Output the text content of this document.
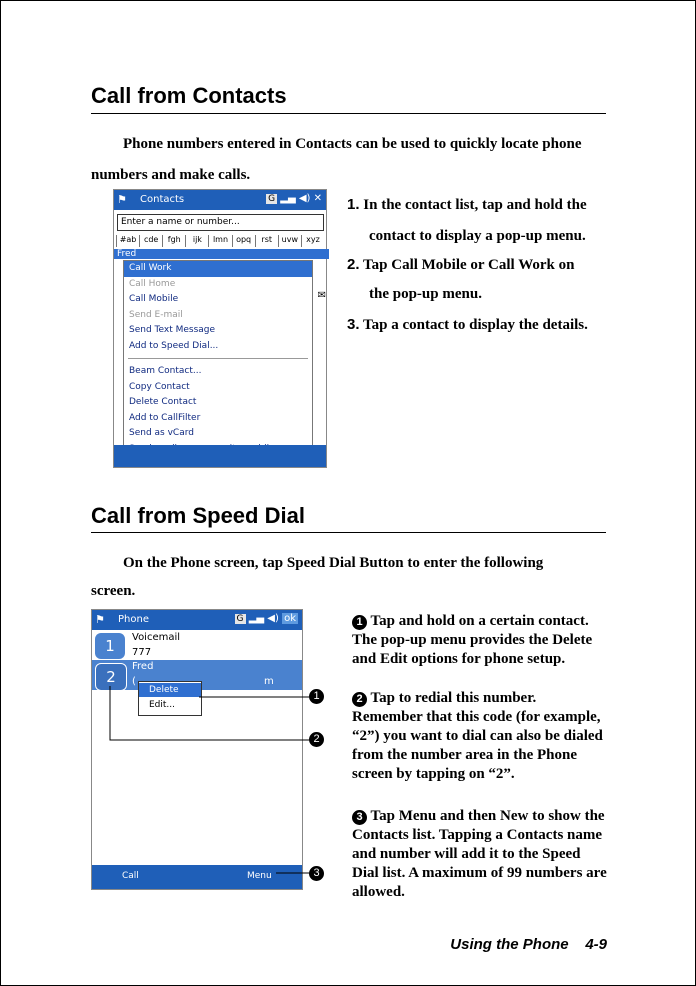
Call from Contacts
Phone numbers entered in Contacts can be used to quickly locate phone
numbers and make calls.
⚑ Contacts	G ▂▄ ◀) ✕
Enter a name or number...
#ab cde	fgh	ijk	lmn	opq	rst	uvw	xyz
Fred
✉
Call Work
Call Home
Call Mobile
Send E-mail
Send Text Message
Add to Speed Dial...
Beam Contact...
Copy Contact
Delete Contact
Add to CallFilter
Send as vCard
1. In the contact list, tap and hold the
contact to display a pop-up menu.
2. Tap Call Mobile or Call Work on
the pop-up menu.
3. Tap a contact to display the details.
Call from Speed Dial
On the Phone screen, tap Speed Dial Button to enter the following
screen.
⚑ Phone	G ▂▄ ◀) ok
1	Voicemail
777
2
Fred
(	m
Delete
Edit...
Call	Menu
1
2
3
1 Tap and hold on a certain contact. The pop-up menu provides the Delete and Edit options for phone setup.
2 Tap to redial this number. Remember that this code (for example, “2”) you want to dial can also be dialed from the number area in the Phone screen by tapping on “2”.
3 Tap Menu and then New to show the Contacts list. Tapping a Contacts name and number will add it to the Speed Dial list. A maximum of 99 numbers are allowed.
Using the Phone 4-9
